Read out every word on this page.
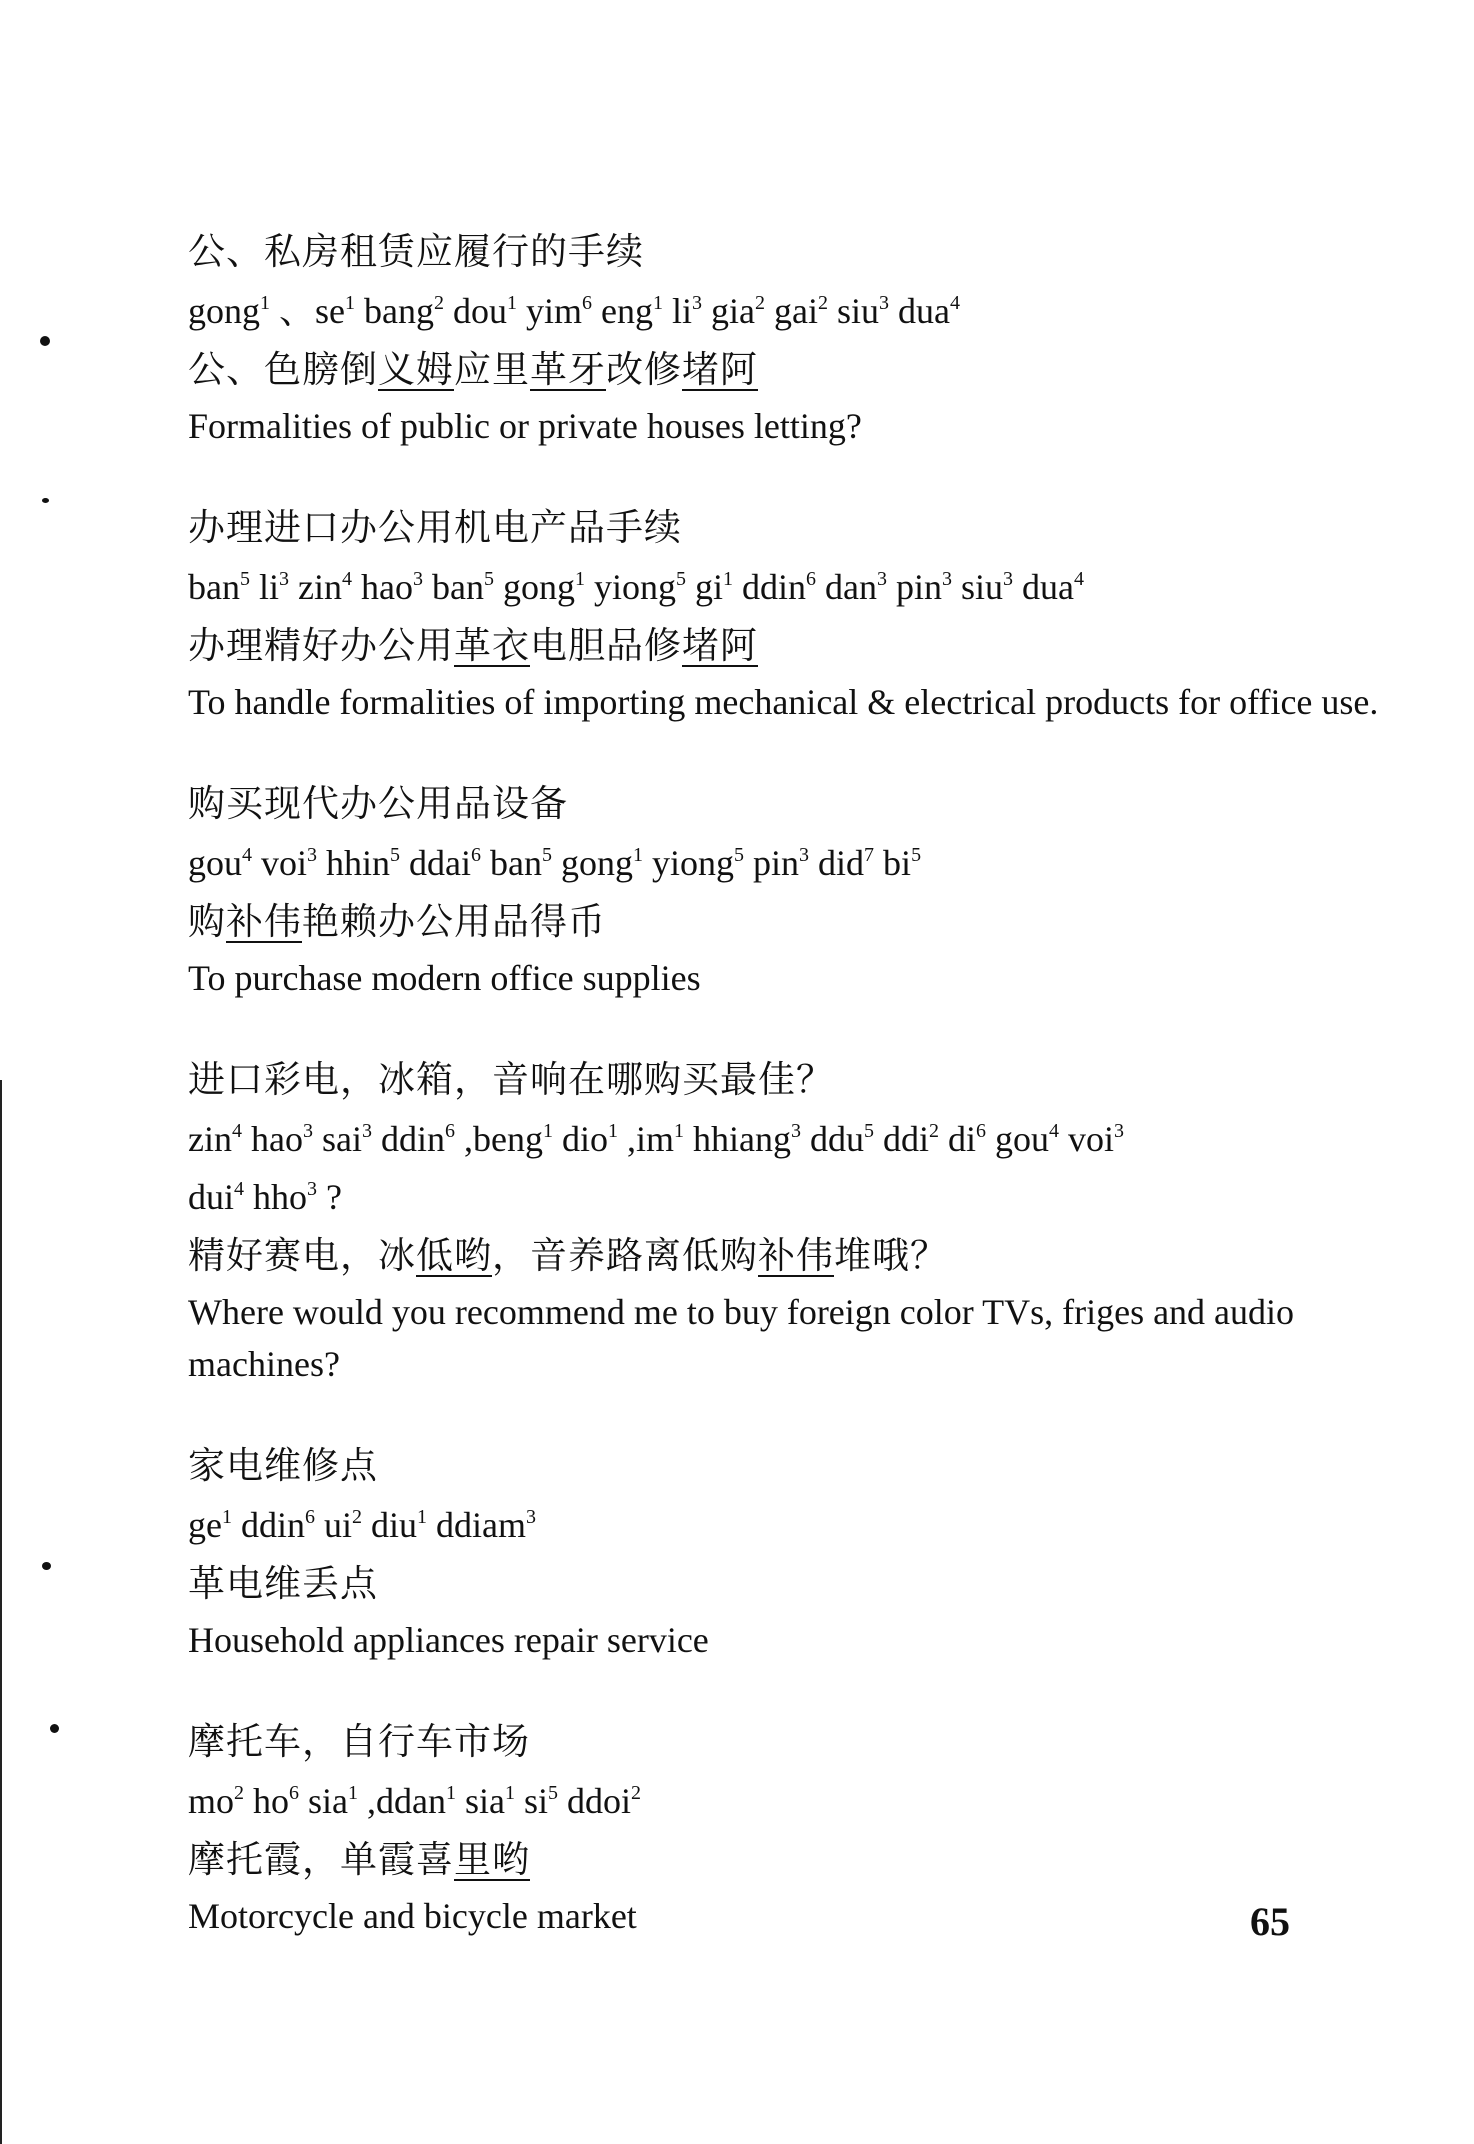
公、私房租赁应履行的手续

gong$^1$ 、$se^1$ bang$^2$ dou$^1$ yim$^6$ eng$^1$ $li^3$ gia$^2$ gai$^2$ siu$^3$ dua$^4$

公、色膀倒义姆应里革牙改修堵阿

Formalities of public or private houses letting?

办理进口办公用机电产品手续

ban$^5$ $li^3$ zin$^4$ hao$^3$ ban$^5$ gong$^1$ yiong$^5$ $gi^1$ ddin$^6$ dan$^3$ pin$^3$ siu$^3$ dua$^4$

办理精好办公用革衣电胆品修堵阿

To handle formalities of importing mechanical & electrical products for office use.

购买现代办公用品设备

gou$^4$ voi$^3$ hhin$^5$ ddai$^6$ ban$^5$ gong$^1$ yiong$^5$ pin$^3$ did$^7$ $bi^5$

购补伟艳赖办公用品得币

To purchase modern office supplies

进口彩电，冰箱，音响在哪购买最佳？

zin$^4$ hao$^3$ sai$^3$ ddin$^6$ ,beng$^1$ dio$^1$ $,im^1$ hhiang$^3$ ddu$^5$ ddi$^2$ $di^6$ gou$^4$ voi$^3$
dui$^4$ hho$^3$ ?

精好赛电，冰低哟，音养路离低购补伟堆哦？

Where would you recommend me to buy foreign color TVs, friges and audio machines?

家电维修点

$ge^1$ ddin$^6$ $ui^2$ diu$^1$ ddiam$^3$

革电维丢点

Household appliances repair service

摩托车，自行车市场

$mo^2$ $ho^6$ sia$^1$ ,ddan$^1$ sia$^1$ $si^5$ ddoi$^2$

摩托霞，单霞喜里哟

Motorcycle and bicycle market	65
